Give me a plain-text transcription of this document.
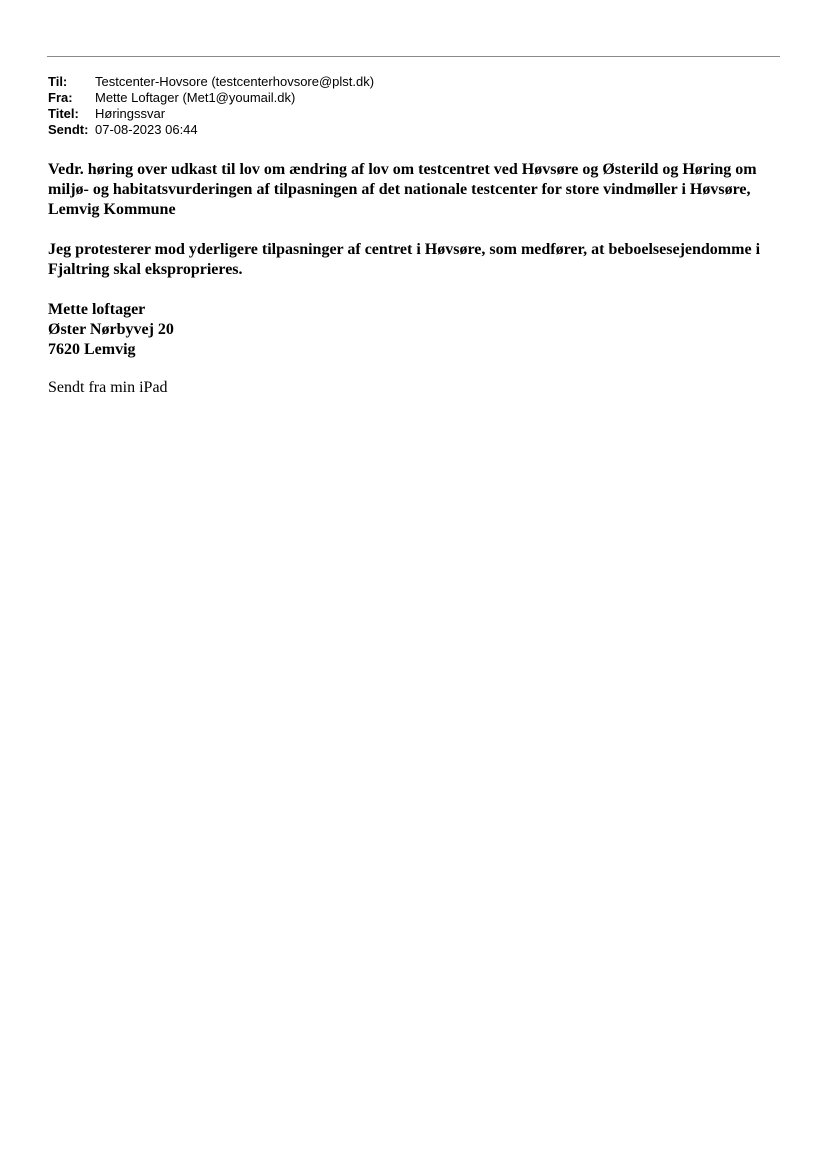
Til:	Testcenter-Hovsore (testcenterhovsore@plst.dk)
Fra:	Mette Loftager (Met1@youmail.dk)
Titel:	Høringssvar
Sendt: 07-08-2023 06:44
Vedr. høring over udkast til lov om ændring af lov om testcentret ved Høvsøre og Østerild og Høring om miljø- og habitatsvurderingen af tilpasningen af det nationale testcenter for store vindmøller i Høvsøre, Lemvig Kommune
Jeg protesterer mod yderligere tilpasninger af centret i Høvsøre, som medfører, at beboelsesejendomme i Fjaltring skal eksproprieres.
Mette loftager
Øster Nørbyvej 20
7620 Lemvig
Sendt fra min iPad
